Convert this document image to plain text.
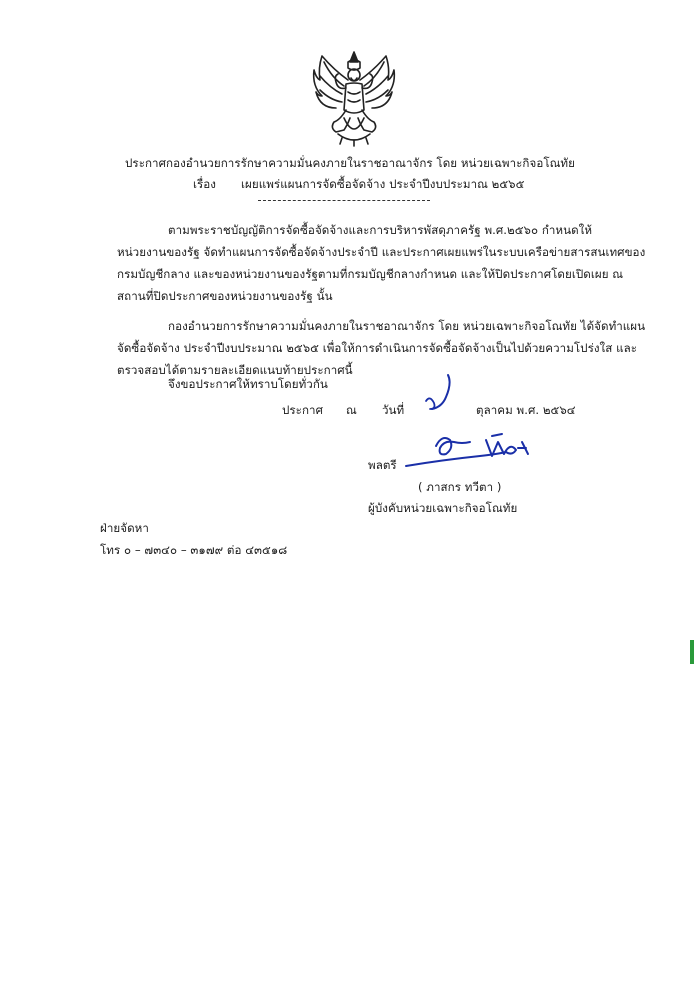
ประกาศกองอำนวยการรักษาความมั่นคงภายในราชอาณาจักร โดย หน่วยเฉพาะกิจอโณทัย
เรื่อง เผยแพร่แผนการจัดซื้อจัดจ้าง ประจำปีงบประมาณ ๒๕๖๕
ตามพระราชบัญญัติการจัดซื้อจัดจ้างและการบริหารพัสดุภาครัฐ พ.ศ.๒๕๖๐ กำหนดให้
หน่วยงานของรัฐ จัดทำแผนการจัดซื้อจัดจ้างประจำปี และประกาศเผยแพร่ในระบบเครือข่ายสารสนเทศของ
กรมบัญชีกลาง และของหน่วยงานของรัฐตามที่กรมบัญชีกลางกำหนด และให้ปิดประกาศโดยเปิดเผย ณ
สถานที่ปิดประกาศของหน่วยงานของรัฐ นั้น
กองอำนวยการรักษาความมั่นคงภายในราชอาณาจักร โดย หน่วยเฉพาะกิจอโณทัย ได้จัดทำแผน
จัดซื้อจัดจ้าง ประจำปีงบประมาณ ๒๕๖๕ เพื่อให้การดำเนินการจัดซื้อจัดจ้างเป็นไปด้วยความโปร่งใส และ
ตรวจสอบได้ตามรายละเอียดแนบท้ายประกาศนี้
จึงขอประกาศให้ทราบโดยทั่วกัน
ประกาศ ณ วันที่	ตุลาคม พ.ศ. ๒๕๖๔
พลตรี
( ภาสกร ทวีตา )
ผู้บังคับหน่วยเฉพาะกิจอโณทัย
ฝ่ายจัดหา
โทร ๐ – ๗๓๔๐ – ๓๑๗๙ ต่อ ๔๓๕๑๘
